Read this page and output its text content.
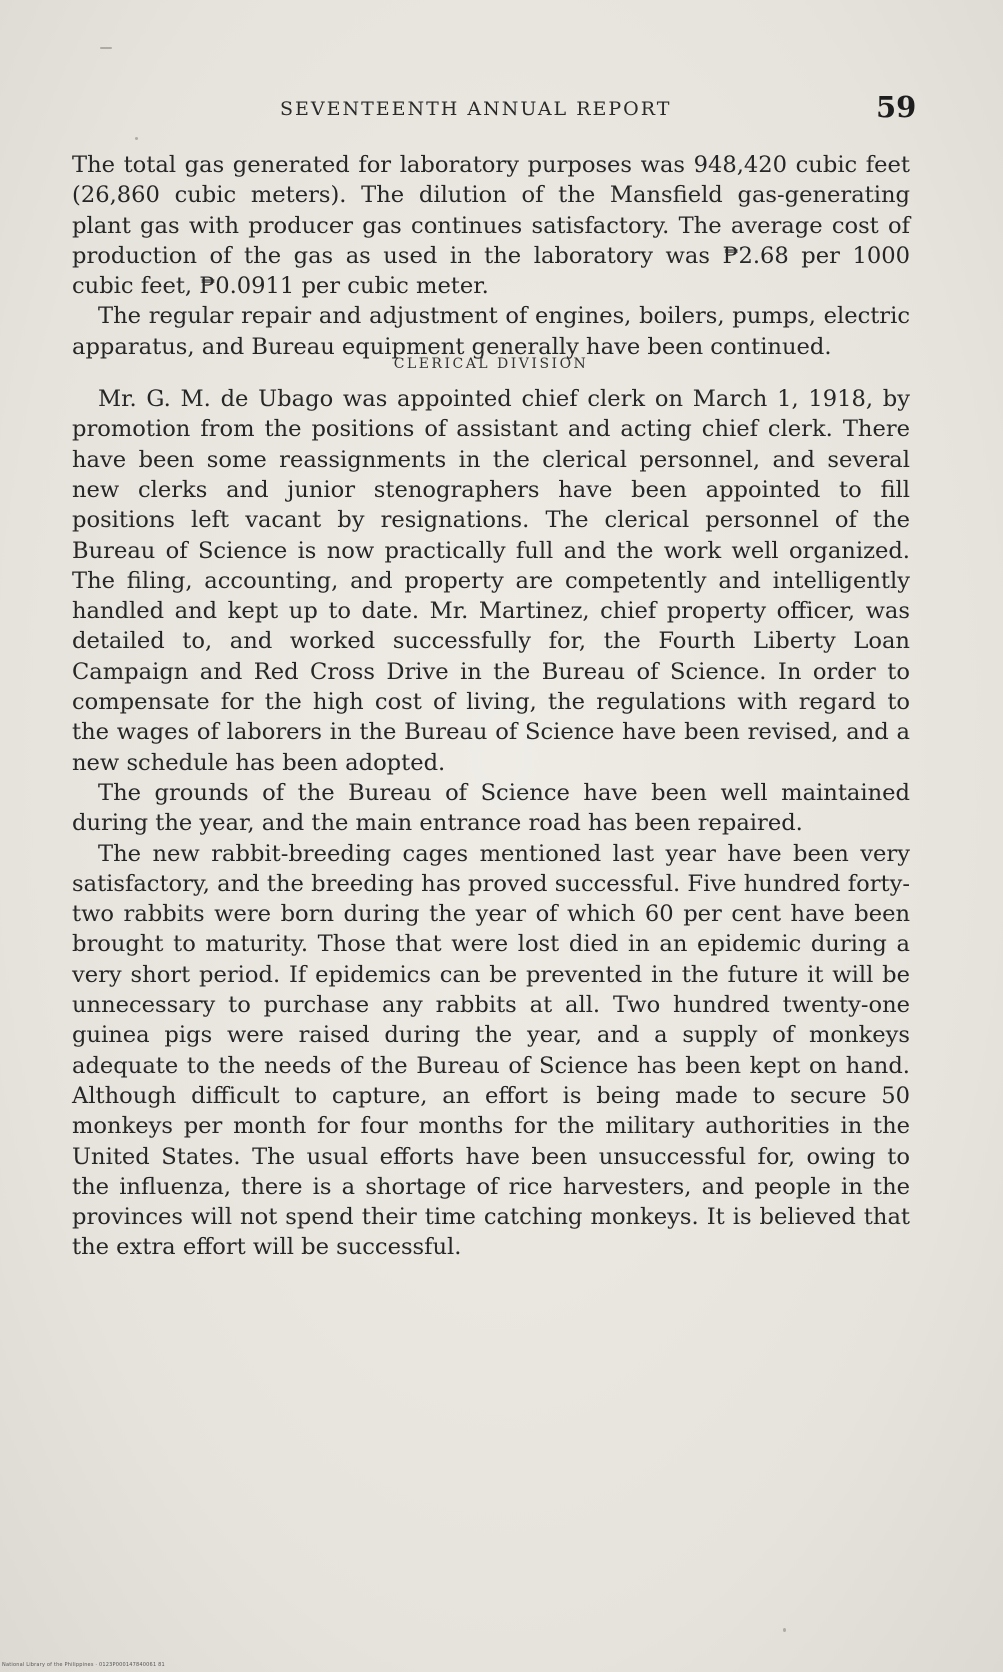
SEVENTEENTH ANNUAL REPORT	59

The total gas generated for laboratory purposes was 948,420 cubic feet (26,860 cubic meters). The dilution of the Mansfield gas-generating plant gas with producer gas continues satisfactory. The average cost of production of the gas as used in the laboratory was ₱2.68 per 1000 cubic feet, ₱0.0911 per cubic meter.

The regular repair and adjustment of engines, boilers, pumps, electric apparatus, and Bureau equipment generally have been continued.

CLERICAL DIVISION

Mr. G. M. de Ubago was appointed chief clerk on March 1, 1918, by promotion from the positions of assistant and acting chief clerk. There have been some reassignments in the clerical personnel, and several new clerks and junior stenographers have been appointed to fill positions left vacant by resignations. The clerical personnel of the Bureau of Science is now practically full and the work well organized. The filing, accounting, and property are competently and intelligently handled and kept up to date. Mr. Martinez, chief property officer, was detailed to, and worked successfully for, the Fourth Liberty Loan Campaign and Red Cross Drive in the Bureau of Science. In order to compensate for the high cost of living, the regulations with regard to the wages of laborers in the Bureau of Science have been revised, and a new schedule has been adopted.

The grounds of the Bureau of Science have been well maintained during the year, and the main entrance road has been repaired.

The new rabbit-breeding cages mentioned last year have been very satisfactory, and the breeding has proved successful. Five hundred forty-two rabbits were born during the year of which 60 per cent have been brought to maturity. Those that were lost died in an epidemic during a very short period. If epidemics can be prevented in the future it will be unnecessary to purchase any rabbits at all. Two hundred twenty-one guinea pigs were raised during the year, and a supply of monkeys adequate to the needs of the Bureau of Science has been kept on hand. Although difficult to capture, an effort is being made to secure 50 monkeys per month for four months for the military authorities in the United States. The usual efforts have been unsuccessful for, owing to the influenza, there is a shortage of rice harvesters, and people in the provinces will not spend their time catching monkeys. It is believed that the extra effort will be successful.

National Library of the Philippines · 0123P000147840061 81
